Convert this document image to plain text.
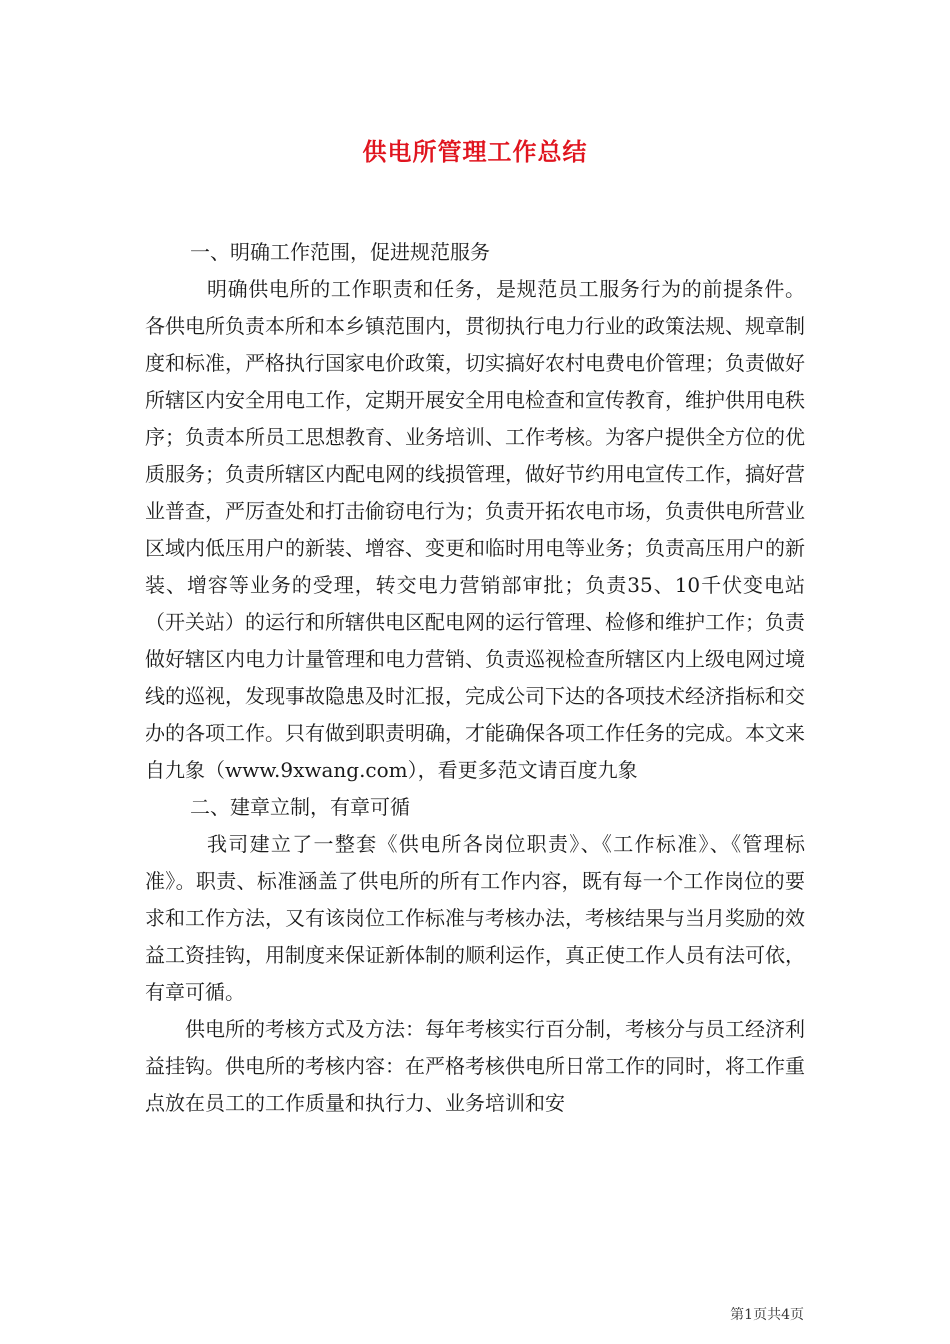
供电所管理工作总结

一、明确工作范围，促进规范服务

明确供电所的工作职责和任务，是规范员工服务行为的前提条件。各供电所负责本所和本乡镇范围内，贯彻执行电力行业的政策法规、规章制度和标准，严格执行国家电价政策，切实搞好农村电费电价管理；负责做好所辖区内安全用电工作，定期开展安全用电检查和宣传教育，维护供用电秩序；负责本所员工思想教育、业务培训、工作考核。为客户提供全方位的优质服务；负责所辖区内配电网的线损管理，做好节约用电宣传工作，搞好营业普查，严厉查处和打击偷窃电行为；负责开拓农电市场，负责供电所营业区域内低压用户的新装、增容、变更和临时用电等业务；负责高压用户的新装、增容等业务的受理，转交电力营销部审批；负责35、10千伏变电站（开关站）的运行和所辖供电区配电网的运行管理、检修和维护工作；负责做好辖区内电力计量管理和电力营销、负责巡视检查所辖区内上级电网过境线的巡视，发现事故隐患及时汇报，完成公司下达的各项技术经济指标和交办的各项工作。只有做到职责明确，才能确保各项工作任务的完成。本文来自九象（www.9xwang.com），看更多范文请百度九象

二、建章立制，有章可循

我司建立了一整套《供电所各岗位职责》、《工作标准》、《管理标准》。职责、标准涵盖了供电所的所有工作内容，既有每一个工作岗位的要求和工作方法，又有该岗位工作标准与考核办法，考核结果与当月奖励的效益工资挂钩，用制度来保证新体制的顺利运作，真正使工作人员有法可依，有章可循。

供电所的考核方式及方法：每年考核实行百分制，考核分与员工经济利益挂钩。供电所的考核内容：在严格考核供电所日常工作的同时，将工作重点放在员工的工作质量和执行力、业务培训和安

第1页共4页
